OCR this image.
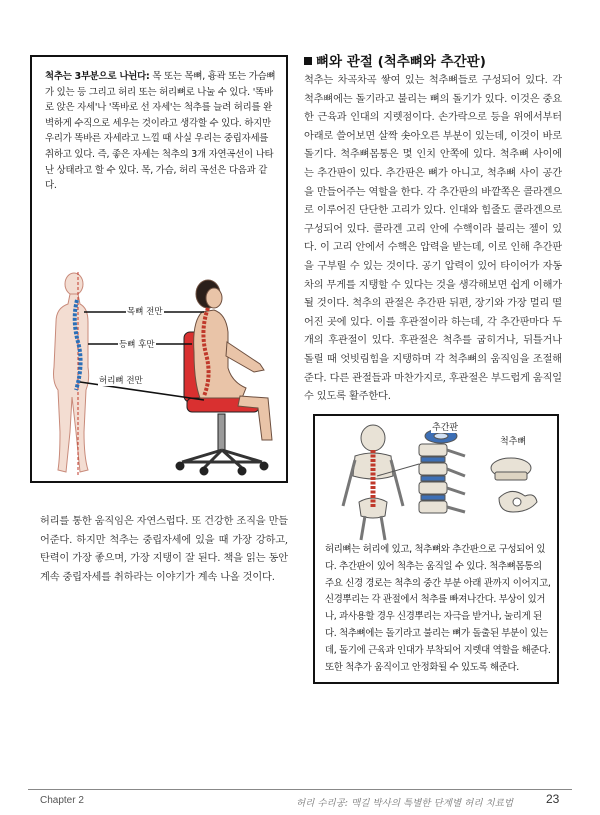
척추는 3부분으로 나뉜다: 목 또는 목뼈, 흉곽 또는 가슴뼈가 있는 등 그리고 허리 또는 허리뼈로 나눌 수 있다. '똑바로 앉은 자세'나 '똑바로 선 자세'는 척추를 늘려 허리를 완벽하게 수직으로 세우는 것이라고 생각할 수 있다. 하지만 우리가 똑바른 자세라고 느낄 때 사실 우리는 중립자세를 취하고 있다. 즉, 좋은 자세는 척추의 3개 자연곡선이 나타난 상태라고 할 수 있다. 목, 가슴, 허리 곡선은 다음과 같다.
목뼈 전만
등뼈 후만
허리뼈 전만

허리를 통한 움직임은 자연스럽다. 또 건강한 조직을 만들어준다. 하지만 척추는 중립자세에 있을 때 가장 강하고, 탄력이 가장 좋으며, 가장 지탱이 잘 된다. 책을 읽는 동안 계속 중립자세를 취하라는 이야기가 계속 나올 것이다.

뼈와 관절 (척추뼈와 추간판)

척추는 차곡차곡 쌓여 있는 척추뼈들로 구성되어 있다. 각 척추뼈에는 돌기라고 불리는 뼈의 돌기가 있다. 이것은 중요한 근육과 인대의 지렛점이다. 손가락으로 등을 위에서부터 아래로 쓸어보면 살짝 솟아오른 부분이 있는데, 이것이 바로 돌기다. 척추뼈몸통은 몇 인치 안쪽에 있다. 척추뼈 사이에는 추간판이 있다. 추간판은 뼈가 아니고, 척추뼈 사이 공간을 만들어주는 역할을 한다. 각 추간판의 바깥쪽은 콜라겐으로 이루어진 단단한 고리가 있다. 인대와 힘줄도 콜라겐으로 구성되어 있다. 콜라겐 고리 안에 수핵이라 불리는 젤이 있다. 이 고리 안에서 수핵은 압력을 받는데, 이로 인해 추간판을 구부릴 수 있는 것이다. 공기 압력이 있어 타이어가 자동차의 무게를 지탱할 수 있다는 것을 생각해보면 쉽게 이해가 될 것이다. 척추의 관절은 추간판 뒤편, 장기와 가장 멀리 떨어진 곳에 있다. 이를 후관절이라 하는데, 각 추간판마다 두개의 후관절이 있다. 후관절은 척추를 굽히거나, 뒤틀거나 돌릴 때 엇빗림힘을 지탱하며 각 척추뼈의 움직임을 조절해준다. 다른 관절들과 마찬가지로, 후관절은 부드럽게 움직일 수 있도록 활주한다.

추간판
척추뼈
허리뼈는 허리에 있고, 척추뼈와 추간판으로 구성되어 있다. 추간판이 있어 척추는 움직일 수 있다. 척추뼈몸통의 주요 신경 경로는 척추의 중간 부분 아래 관까지 이어지고, 신경뿌리는 각 관절에서 척추를 빠져나간다. 부상이 있거나, 과사용할 경우 신경뿌리는 자극을 받거나, 눌리게 된다. 척추뼈에는 돌기라고 불리는 뼈가 돌출된 부분이 있는데, 돌기에 근육과 인대가 부착되어 지렛대 역할을 해준다. 또한 척추가 움직이고 안정화될 수 있도록 해준다.
Chapter 2	허리 수리공: 맥길 박사의 특별한 단계별 허리 치료법	23
